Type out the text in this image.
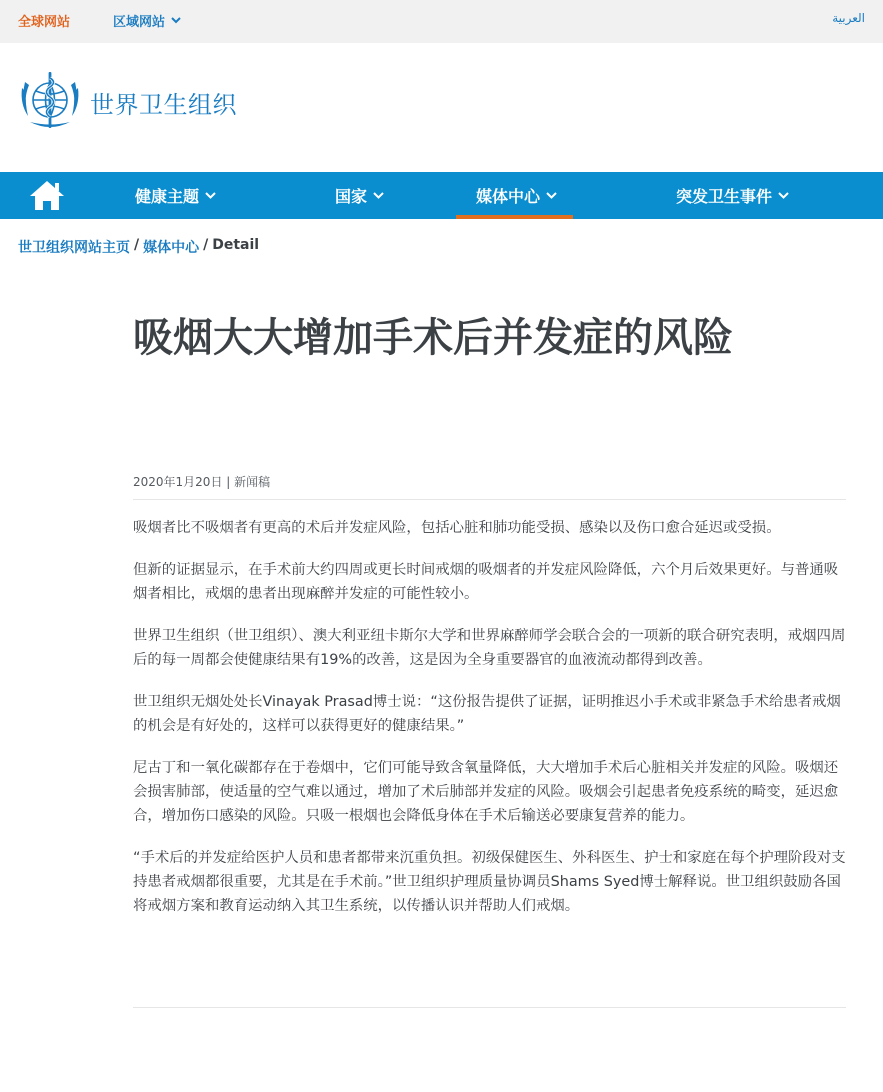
全球网站	区域网站	العربية
世界卫生组织
健康主题	国家	媒体中心	突发卫生事件
世卫组织网站主页 / 媒体中心 / Detail
吸烟大大增加手术后并发症的风险
2020年1月20日 | 新闻稿

吸烟者比不吸烟者有更高的术后并发症风险，包括心脏和肺功能受损、感染以及伤口愈合延迟或受损。

但新的证据显示，在手术前大约四周或更长时间戒烟的吸烟者的并发症风险降低，六个月后效果更好。与普通吸烟者相比，戒烟的患者出现麻醉并发症的可能性较小。

世界卫生组织（世卫组织）、澳大利亚纽卡斯尔大学和世界麻醉师学会联合会的一项新的联合研究表明，戒烟四周后的每一周都会使健康结果有19%的改善，这是因为全身重要器官的血液流动都得到改善。

世卫组织无烟处处长Vinayak Prasad博士说：“这份报告提供了证据，证明推迟小手术或非紧急手术给患者戒烟的机会是有好处的，这样可以获得更好的健康结果。”

尼古丁和一氧化碳都存在于卷烟中，它们可能导致含氧量降低，大大增加手术后心脏相关并发症的风险。吸烟还会损害肺部，使适量的空气难以通过，增加了术后肺部并发症的风险。吸烟会引起患者免疫系统的畸变，延迟愈合，增加伤口感染的风险。只吸一根烟也会降低身体在手术后输送必要康复营养的能力。

“手术后的并发症给医护人员和患者都带来沉重负担。初级保健医生、外科医生、护士和家庭在每个护理阶段对支持患者戒烟都很重要，尤其是在手术前。”世卫组织护理质量协调员Shams Syed博士解释说。世卫组织鼓励各国将戒烟方案和教育运动纳入其卫生系统，以传播认识并帮助人们戒烟。
